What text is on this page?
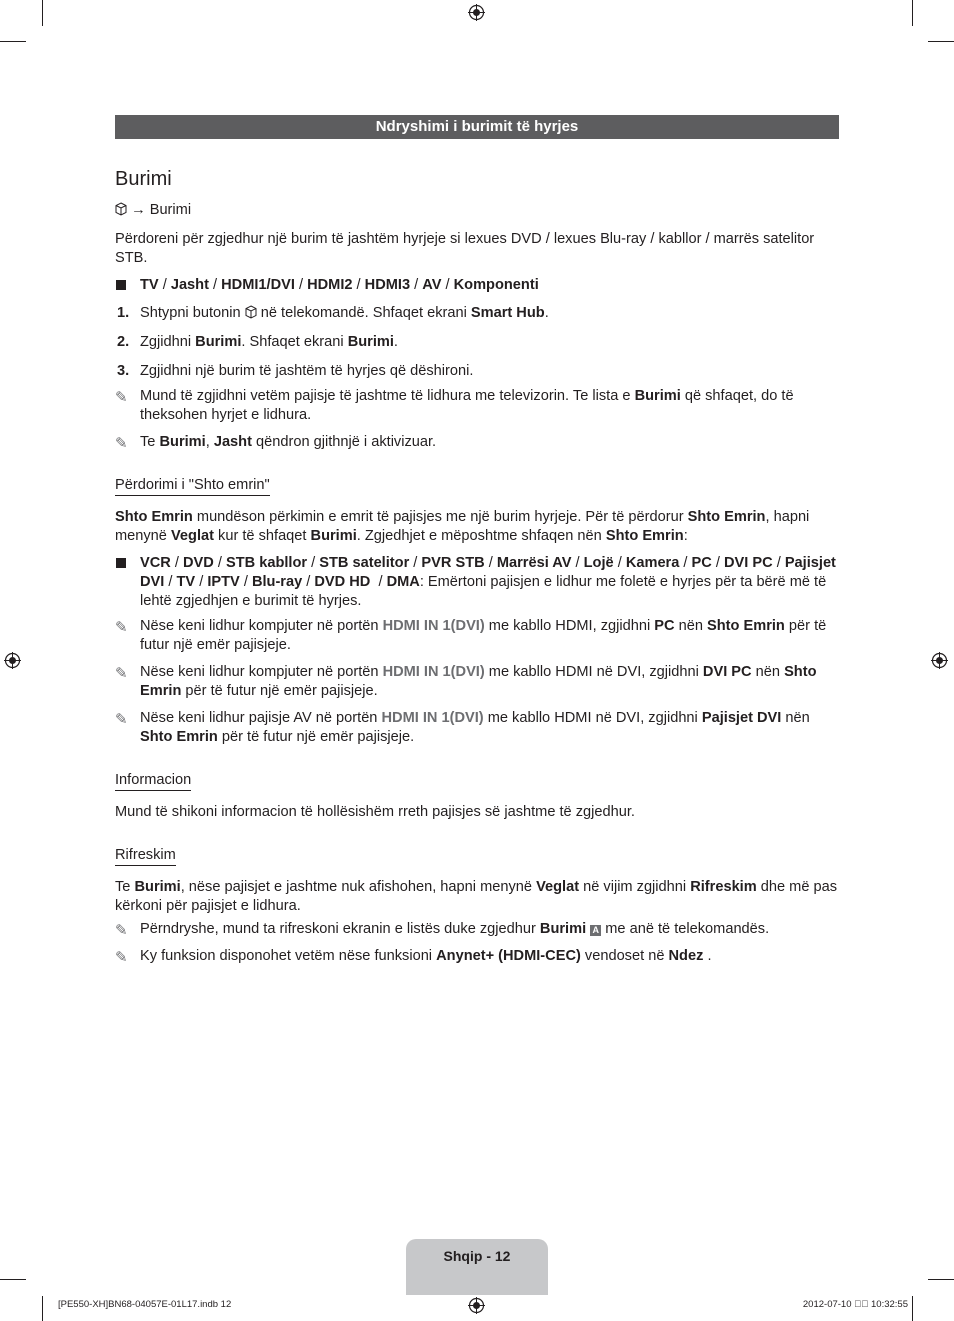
Ndryshimi i burimit të hyrjes
Burimi

→ Burimi

Përdoreni për zgjedhur një burim të jashtëm hyrjeje si lexues DVD / lexues Blu-ray / kabllor / marrës satelitor STB.

TV / Jasht / HDMI1/DVI / HDMI2 / HDMI3 / AV / Komponenti
1. Shtypni butonin në telekomandë. Shfaqet ekrani Smart Hub.
2. Zgjidhni Burimi. Shfaqet ekrani Burimi.
3. Zgjidhni një burim të jashtëm të hyrjes që dëshironi.
✎ Mund të zgjidhni vetëm pajisje të jashtme të lidhura me televizorin. Te lista e Burimi që shfaqet, do të theksohen hyrjet e lidhura.
✎ Te Burimi, Jasht qëndron gjithnjë i aktivizuar.

Përdorimi i "Shto emrin"

Shto Emrin mundëson përkimin e emrit të pajisjes me një burim hyrjeje. Për të përdorur Shto Emrin, hapni menynë Veglat kur të shfaqet Burimi. Zgjedhjet e mëposhtme shfaqen nën Shto Emrin:

VCR / DVD / STB kabllor / STB satelitor / PVR STB / Marrësi AV / Lojë / Kamera / PC / DVI PC / Pajisjet DVI / TV / IPTV / Blu-ray / DVD HD  / DMA: Emërtoni pajisjen e lidhur me foletë e hyrjes për ta bërë më të lehtë zgjedhjen e burimit të hyrjes.
✎ Nëse keni lidhur kompjuter në portën HDMI IN 1(DVI) me kabllo HDMI, zgjidhni PC nën Shto Emrin për të futur një emër pajisjeje.
✎ Nëse keni lidhur kompjuter në portën HDMI IN 1(DVI) me kabllo HDMI në DVI, zgjidhni DVI PC nën Shto Emrin për të futur një emër pajisjeje.
✎ Nëse keni lidhur pajisje AV në portën HDMI IN 1(DVI) me kabllo HDMI në DVI, zgjidhni Pajisjet DVI nën Shto Emrin për të futur një emër pajisjeje.

Informacion

Mund të shikoni informacion të hollësishëm rreth pajisjes së jashtme të zgjedhur.

Rifreskim

Te Burimi, nëse pajisjet e jashtme nuk afishohen, hapni menynë Veglat në vijim zgjidhni Rifreskim dhe më pas kërkoni për pajisjet e lidhura.

✎ Përndryshe, mund ta rifreskoni ekranin e listës duke zgjedhur Burimi A me anë të telekomandës.
✎ Ky funksion disponohet vetëm nëse funksioni Anynet+ (HDMI-CEC) vendoset në Ndez .
Shqip - 12
[PE550-XH]BN68-04057E-01L17.indb 12	2012-07-10 ￿￿ 10:32:55
